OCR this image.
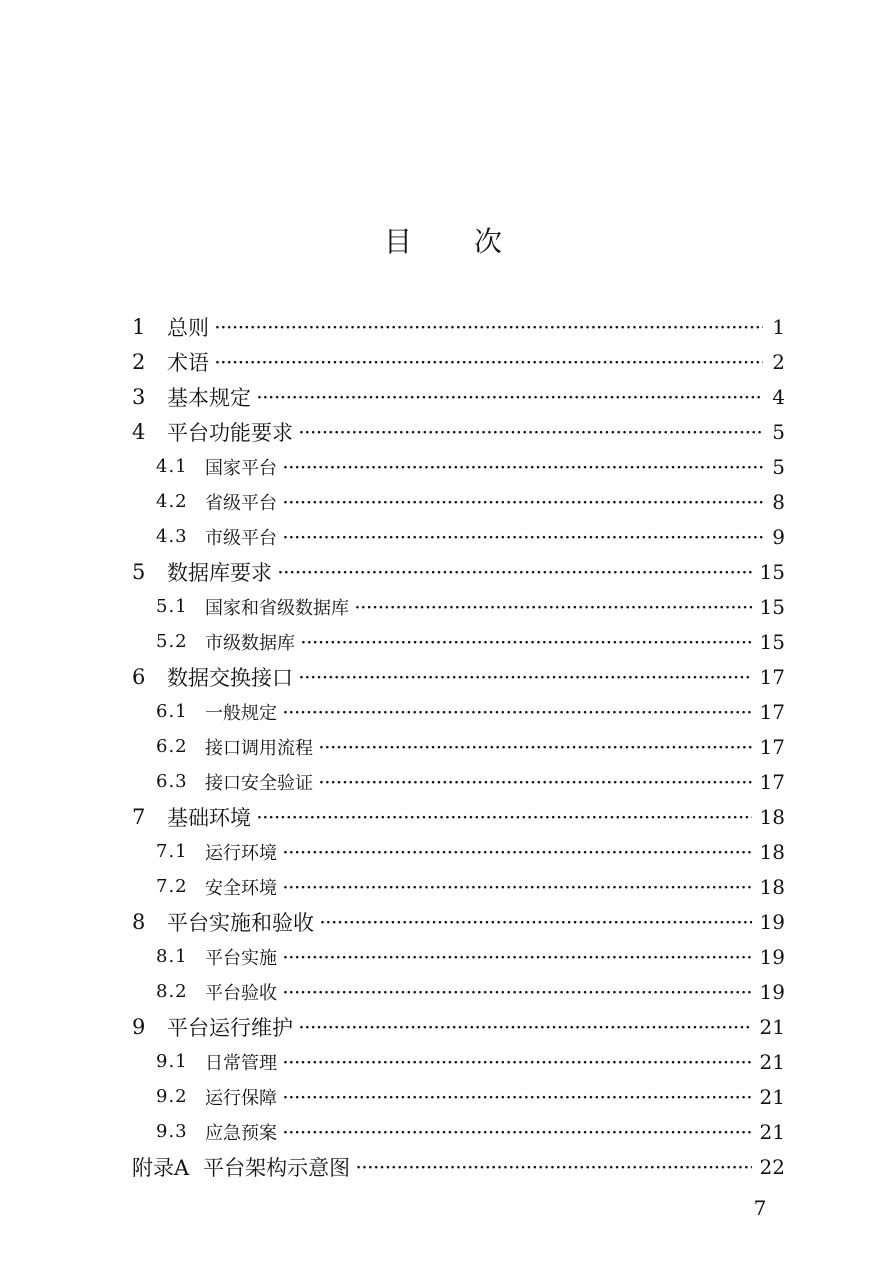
目次
1	总则 ·····	1
2	术语 ·····	2
3	基本规定 ·····	4
4	平台功能要求 ·····	5
4.1 国家平台 ·····	5
4.2 省级平台 ·····	8
4.3 市级平台 ·····	9
5	数据库要求 ·····	15
5.1 国家和省级数据库 ·····	15
5.2 市级数据库 ·····	15
6	数据交换接口 ·····	17
6.1 一般规定 ·····	17
6.2 接口调用流程 ·····	17
6.3 接口安全验证 ·····	17
7	基础环境 ·····	18
7.1 运行环境 ·····	18
7.2 安全环境 ·····	18
8	平台实施和验收 ·····	19
8.1 平台实施 ·····	19
8.2 平台验收 ·····	19
9	平台运行维护 ·····	21
9.1 日常管理 ·····	21
9.2 运行保障 ·····	21
9.3 应急预案 ·····	21
附录A 平台架构示意图 ·····	22
7
